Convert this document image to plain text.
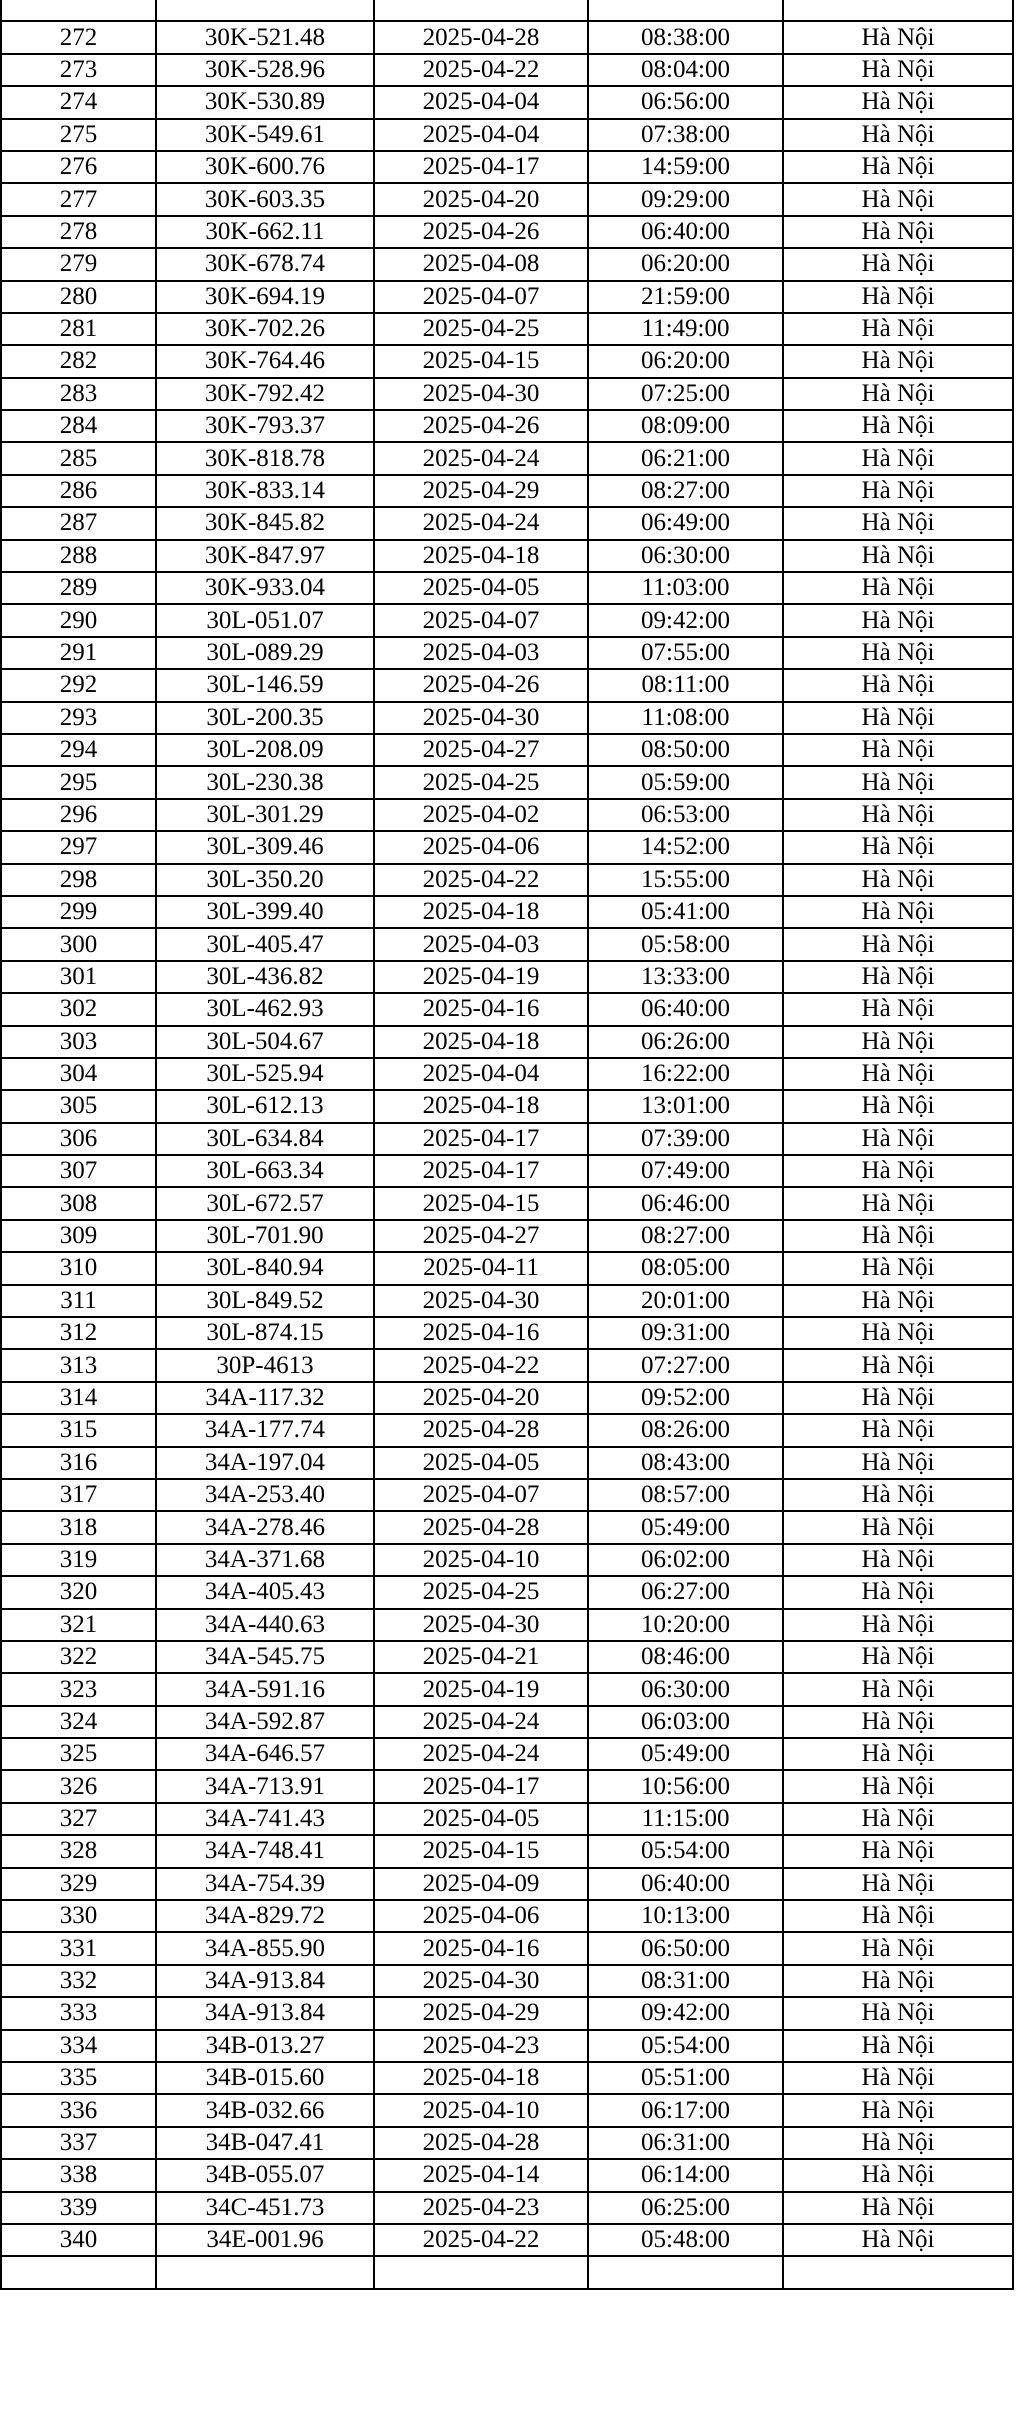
272	30K-521.48	2025-04-28	08:38:00	Hà Nội
273	30K-528.96	2025-04-22	08:04:00	Hà Nội
274	30K-530.89	2025-04-04	06:56:00	Hà Nội
275	30K-549.61	2025-04-04	07:38:00	Hà Nội
276	30K-600.76	2025-04-17	14:59:00	Hà Nội
277	30K-603.35	2025-04-20	09:29:00	Hà Nội
278	30K-662.11	2025-04-26	06:40:00	Hà Nội
279	30K-678.74	2025-04-08	06:20:00	Hà Nội
280	30K-694.19	2025-04-07	21:59:00	Hà Nội
281	30K-702.26	2025-04-25	11:49:00	Hà Nội
282	30K-764.46	2025-04-15	06:20:00	Hà Nội
283	30K-792.42	2025-04-30	07:25:00	Hà Nội
284	30K-793.37	2025-04-26	08:09:00	Hà Nội
285	30K-818.78	2025-04-24	06:21:00	Hà Nội
286	30K-833.14	2025-04-29	08:27:00	Hà Nội
287	30K-845.82	2025-04-24	06:49:00	Hà Nội
288	30K-847.97	2025-04-18	06:30:00	Hà Nội
289	30K-933.04	2025-04-05	11:03:00	Hà Nội
290	30L-051.07	2025-04-07	09:42:00	Hà Nội
291	30L-089.29	2025-04-03	07:55:00	Hà Nội
292	30L-146.59	2025-04-26	08:11:00	Hà Nội
293	30L-200.35	2025-04-30	11:08:00	Hà Nội
294	30L-208.09	2025-04-27	08:50:00	Hà Nội
295	30L-230.38	2025-04-25	05:59:00	Hà Nội
296	30L-301.29	2025-04-02	06:53:00	Hà Nội
297	30L-309.46	2025-04-06	14:52:00	Hà Nội
298	30L-350.20	2025-04-22	15:55:00	Hà Nội
299	30L-399.40	2025-04-18	05:41:00	Hà Nội
300	30L-405.47	2025-04-03	05:58:00	Hà Nội
301	30L-436.82	2025-04-19	13:33:00	Hà Nội
302	30L-462.93	2025-04-16	06:40:00	Hà Nội
303	30L-504.67	2025-04-18	06:26:00	Hà Nội
304	30L-525.94	2025-04-04	16:22:00	Hà Nội
305	30L-612.13	2025-04-18	13:01:00	Hà Nội
306	30L-634.84	2025-04-17	07:39:00	Hà Nội
307	30L-663.34	2025-04-17	07:49:00	Hà Nội
308	30L-672.57	2025-04-15	06:46:00	Hà Nội
309	30L-701.90	2025-04-27	08:27:00	Hà Nội
310	30L-840.94	2025-04-11	08:05:00	Hà Nội
311	30L-849.52	2025-04-30	20:01:00	Hà Nội
312	30L-874.15	2025-04-16	09:31:00	Hà Nội
313	30P-4613	2025-04-22	07:27:00	Hà Nội
314	34A-117.32	2025-04-20	09:52:00	Hà Nội
315	34A-177.74	2025-04-28	08:26:00	Hà Nội
316	34A-197.04	2025-04-05	08:43:00	Hà Nội
317	34A-253.40	2025-04-07	08:57:00	Hà Nội
318	34A-278.46	2025-04-28	05:49:00	Hà Nội
319	34A-371.68	2025-04-10	06:02:00	Hà Nội
320	34A-405.43	2025-04-25	06:27:00	Hà Nội
321	34A-440.63	2025-04-30	10:20:00	Hà Nội
322	34A-545.75	2025-04-21	08:46:00	Hà Nội
323	34A-591.16	2025-04-19	06:30:00	Hà Nội
324	34A-592.87	2025-04-24	06:03:00	Hà Nội
325	34A-646.57	2025-04-24	05:49:00	Hà Nội
326	34A-713.91	2025-04-17	10:56:00	Hà Nội
327	34A-741.43	2025-04-05	11:15:00	Hà Nội
328	34A-748.41	2025-04-15	05:54:00	Hà Nội
329	34A-754.39	2025-04-09	06:40:00	Hà Nội
330	34A-829.72	2025-04-06	10:13:00	Hà Nội
331	34A-855.90	2025-04-16	06:50:00	Hà Nội
332	34A-913.84	2025-04-30	08:31:00	Hà Nội
333	34A-913.84	2025-04-29	09:42:00	Hà Nội
334	34B-013.27	2025-04-23	05:54:00	Hà Nội
335	34B-015.60	2025-04-18	05:51:00	Hà Nội
336	34B-032.66	2025-04-10	06:17:00	Hà Nội
337	34B-047.41	2025-04-28	06:31:00	Hà Nội
338	34B-055.07	2025-04-14	06:14:00	Hà Nội
339	34C-451.73	2025-04-23	06:25:00	Hà Nội
340	34E-001.96	2025-04-22	05:48:00	Hà Nội
